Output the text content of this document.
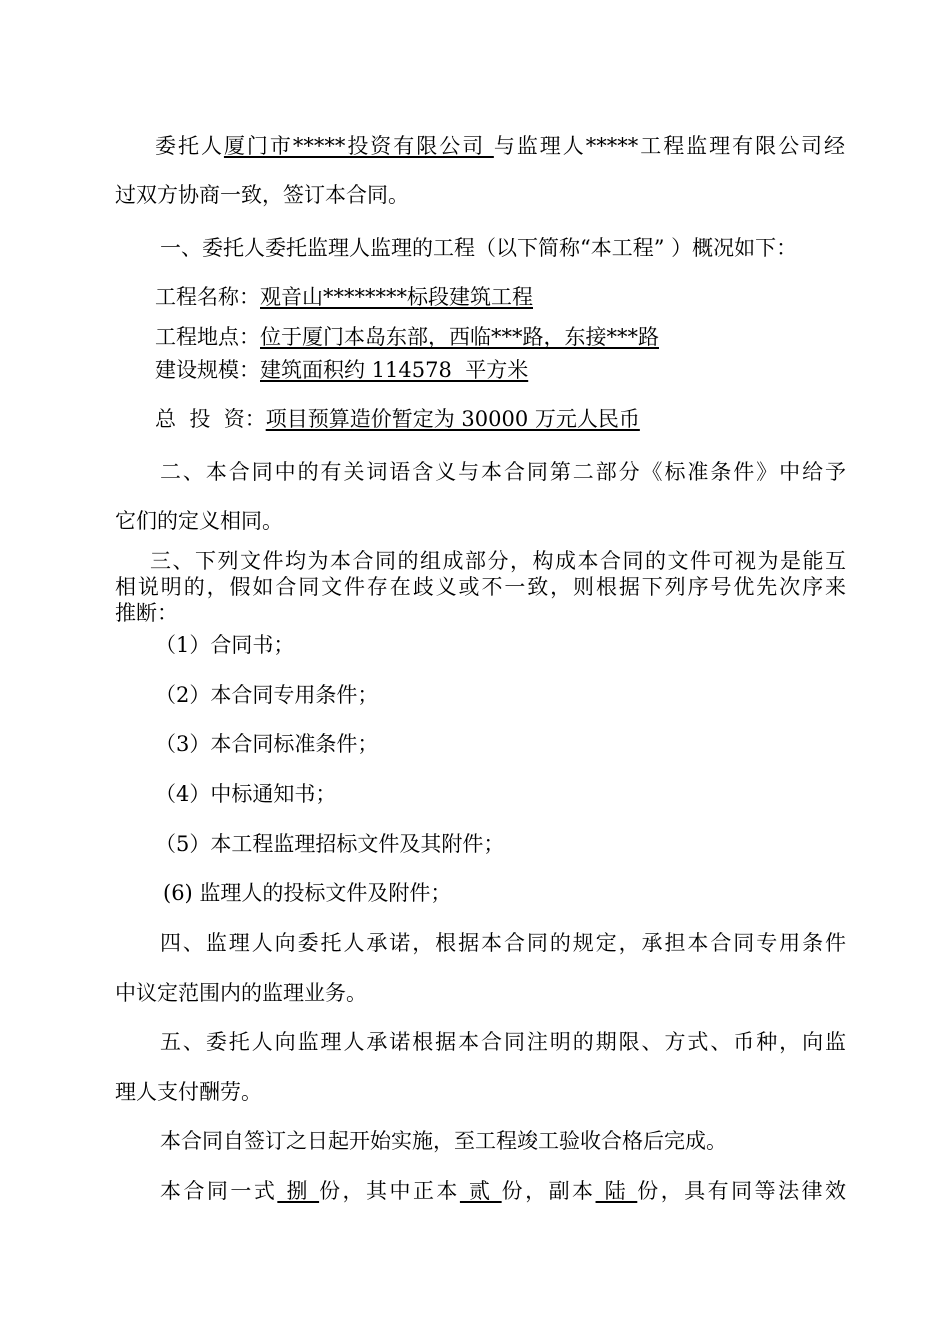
委托人厦门市*****投资有限公司 与监理人*****工程监理有限公司经
过双方协商一致，签订本合同。
一、委托人委托监理人监理的工程（以下简称“本工程” ）概况如下：
工程名称：观音山********标段建筑工程
工程地点：位于厦门本岛东部，西临***路，东接***路
建设规模：建筑面积约 114578  平方米
总  投  资：项目预算造价暂定为 30000 万元人民币
二、本合同中的有关词语含义与本合同第二部分《标准条件》中给予
它们的定义相同。
三、下列文件均为本合同的组成部分，构成本合同的文件可视为是能互
相说明的，假如合同文件存在歧义或不一致，则根据下列序号优先次序来
推断：
（1）合同书；
（2）本合同专用条件；
（3）本合同标准条件；
（4）中标通知书；
（5）本工程监理招标文件及其附件；
(6) 监理人的投标文件及附件；
四、监理人向委托人承诺，根据本合同的规定，承担本合同专用条件
中议定范围内的监理业务。
五、委托人向监理人承诺根据本合同注明的期限、方式、币种，向监
理人支付酬劳。
本合同自签订之日起开始实施，至工程竣工验收合格后完成。
本合同一式 捌 份，其中正本 贰 份，副本 陆 份，具有同等法律效
